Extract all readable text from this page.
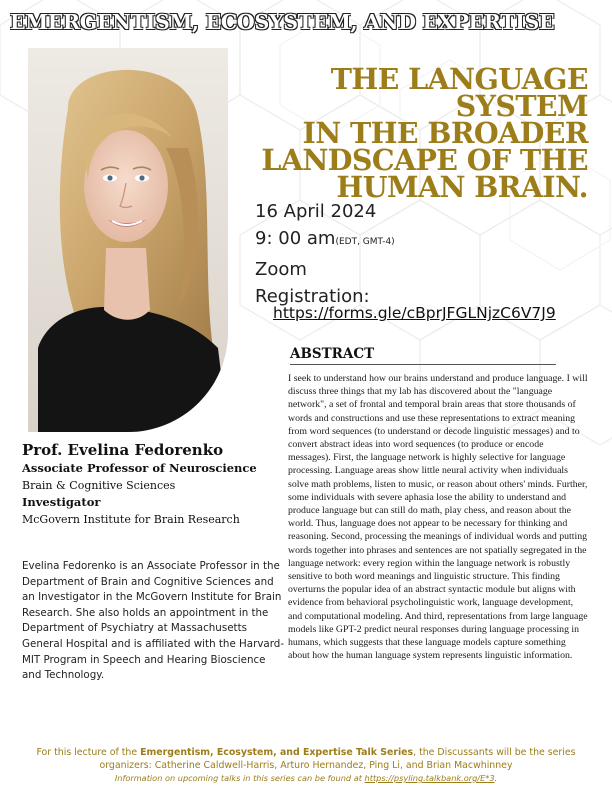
EMERGENTISM, ECOSYSTEM, AND EXPERTISE
THE LANGUAGE SYSTEM
IN THE BROADER
LANDSCAPE OF THE
HUMAN BRAIN.
16 April 2024
9: 00 am(EDT, GMT-4)
Zoom
Registration:
https://forms.gle/cBprJFGLNjzC6V7J9
ABSTRACT
I seek to understand how our brains understand and produce language. I will discuss three things that my lab has discovered about the "language network", a set of frontal and temporal brain areas that store thousands of words and constructions and use these representations to extract meaning from word sequences (to understand or decode linguistic messages) and to convert abstract ideas into word sequences (to produce or encode messages). First, the language network is highly selective for language processing. Language areas show little neural activity when individuals solve math problems, listen to music, or reason about others' minds. Further, some individuals with severe aphasia lose the ability to understand and produce language but can still do math, play chess, and reason about the world. Thus, language does not appear to be necessary for thinking and reasoning. Second, processing the meanings of individual words and putting words together into phrases and sentences are not spatially segregated in the language network: every region within the language network is robustly sensitive to both word meanings and linguistic structure. This finding overturns the popular idea of an abstract syntactic module but aligns with evidence from behavioral psycholinguistic work, language development, and computational modeling. And third, representations from large language models like GPT-2 predict neural responses during language processing in humans, which suggests that these language models capture something about how the human language system represents linguistic information.
Prof. Evelina Fedorenko
Associate Professor of Neuroscience
Brain & Cognitive Sciences
Investigator
McGovern Institute for Brain Research
Evelina Fedorenko is an Associate Professor in the Department of Brain and Cognitive Sciences and an Investigator in the McGovern Institute for Brain Research. She also holds an appointment in the Department of Psychiatry at Massachusetts General Hospital and is affiliated with the Harvard-MIT Program in Speech and Hearing Bioscience and Technology.
For this lecture of the Emergentism, Ecosystem, and Expertise Talk Series, the Discussants will be the series
organizers: Catherine Caldwell-Harris, Arturo Hernandez, Ping Li, and Brian Macwhinney
Information on upcoming talks in this series can be found at https://psyling.talkbank.org/E*3.
